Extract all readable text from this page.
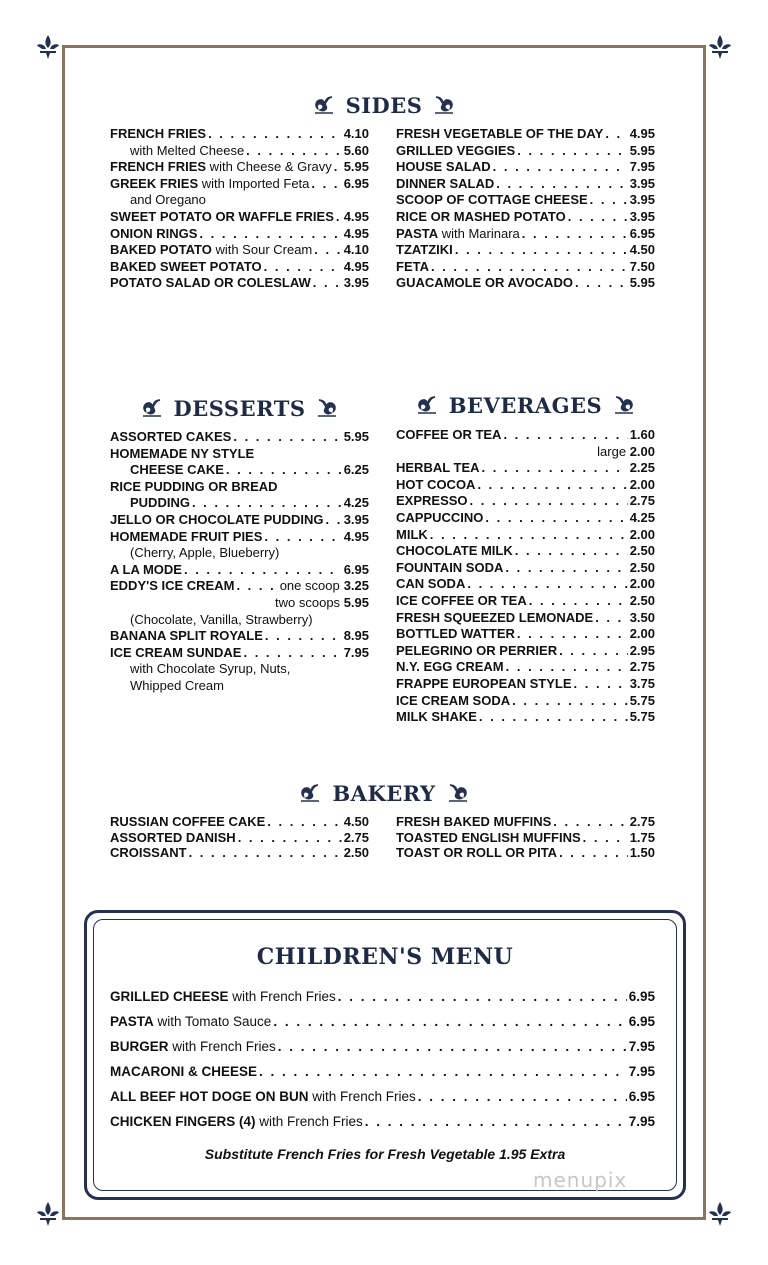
SIDES
FRENCH FRIES . . .	4.10
with Melted Cheese . . .	5.60
FRENCH FRIES with Cheese & Gravy . . . 5.95
GREEK FRIES with Imported Feta . . .	6.95
and Oregano
SWEET POTATO OR WAFFLE FRIES . . . 4.95
ONION RINGS . . .	4.95
BAKED POTATO with Sour Cream . . . 4.10
BAKED SWEET POTATO . . .	4.95
POTATO SALAD OR COLESLAW . . .	3.95
FRESH VEGETABLE OF THE DAY . . . 4.95
GRILLED VEGGIES . . .	5.95
HOUSE SALAD . . .	7.95
DINNER SALAD . . .	3.95
SCOOP OF COTTAGE CHEESE . . .	3.95
RICE OR MASHED POTATO . . .	3.95
PASTA with Marinara . . .	6.95
TZATZIKI . . .	4.50
FETA . . .	7.50
GUACAMOLE OR AVOCADO . . .	5.95
DESSERTS	BEVERAGES
ASSORTED CAKES . . .	5.95
HOMEMADE NY STYLE
CHEESE CAKE . . .	6.25
RICE PUDDING OR BREAD
PUDDING . . .	4.25
JELLO OR CHOCOLATE PUDDING . . . 3.95
HOMEMADE FRUIT PIES . . .	4.95
(Cherry, Apple, Blueberry)
A LA MODE . . .	6.95
EDDY'S ICE CREAM . . .	one scoop 3.25
two scoops 5.95
(Chocolate, Vanilla, Strawberry)
BANANA SPLIT ROYALE . . .	8.95
ICE CREAM SUNDAE . . .	7.95
with Chocolate Syrup, Nuts,
Whipped Cream
COFFEE OR TEA . . .	1.60
large 2.00
HERBAL TEA . . .	2.25
HOT COCOA . . .	2.00
EXPRESSO . . .	2.75
CAPPUCCINO . . .	4.25
MILK . . .	2.00
CHOCOLATE MILK . . .	2.50
FOUNTAIN SODA . . .	2.50
CAN SODA . . .	2.00
ICE COFFEE OR TEA . . .	2.50
FRESH SQUEEZED LEMONADE . . .	3.50
BOTTLED WATTER . . .	2.00
PELEGRINO OR PERRIER . . .	2.95
N.Y. EGG CREAM . . .	2.75
FRAPPE EUROPEAN STYLE . . .	3.75
ICE CREAM SODA . . .	5.75
MILK SHAKE . . .	5.75
BAKERY
RUSSIAN COFFEE CAKE . . .	4.50
ASSORTED DANISH . . .	2.75
CROISSANT . . .	2.50
FRESH BAKED MUFFINS . . .	2.75
TOASTED ENGLISH MUFFINS . . .	1.75
TOAST OR ROLL OR PITA . . .	1.50
CHILDREN'S MENU
GRILLED CHEESE with French Fries . . .	6.95
PASTA with Tomato Sauce . . .	6.95
BURGER with French Fries . . .	7.95
MACARONI & CHEESE . . .	7.95
ALL BEEF HOT DOGE ON BUN with French Fries . . .	6.95
CHICKEN FINGERS (4) with French Fries . . .	7.95
Substitute French Fries for Fresh Vegetable 1.95 Extra
menupix
